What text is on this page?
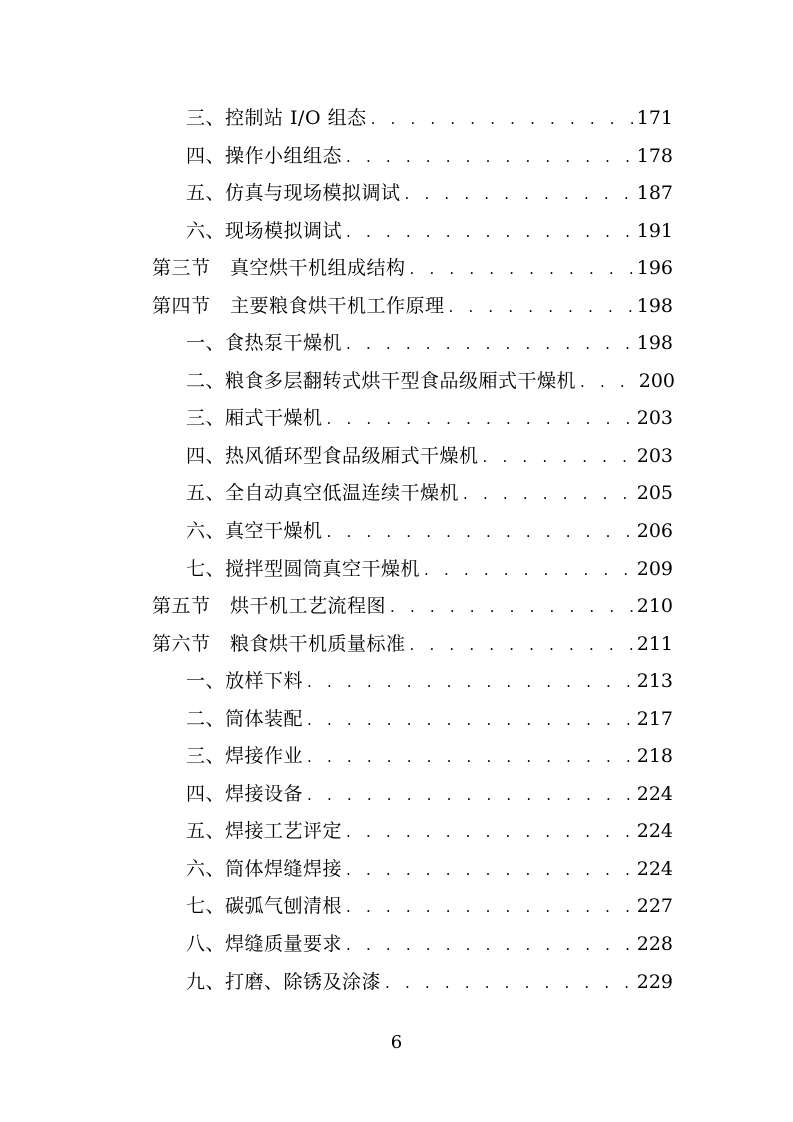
三、控制站 I/O 组态 . . .	171
四、操作小组组态 . . .	178
五、仿真与现场模拟调试 . . .	187
六、现场模拟调试 . . .	191
第三节　真空烘干机组成结构 . . .	196
第四节　主要粮食烘干机工作原理 . . .	198
一、食热泵干燥机 . . .	198
二、粮食多层翻转式烘干型食品级厢式干燥机 . . .	200
三、厢式干燥机 . . .	203
四、热风循环型食品级厢式干燥机 . . .	203
五、全自动真空低温连续干燥机 . . .	205
六、真空干燥机 . . .	206
七、搅拌型圆筒真空干燥机 . . .	209
第五节　烘干机工艺流程图 . . .	210
第六节　粮食烘干机质量标准 . . .	211
一、放样下料 . . .	213
二、筒体装配 . . .	217
三、焊接作业 . . .	218
四、焊接设备 . . .	224
五、焊接工艺评定 . . .	224
六、筒体焊缝焊接 . . .	224
七、碳弧气刨清根 . . .	227
八、焊缝质量要求 . . .	228
九、打磨、除锈及涂漆 . . .	229
6
